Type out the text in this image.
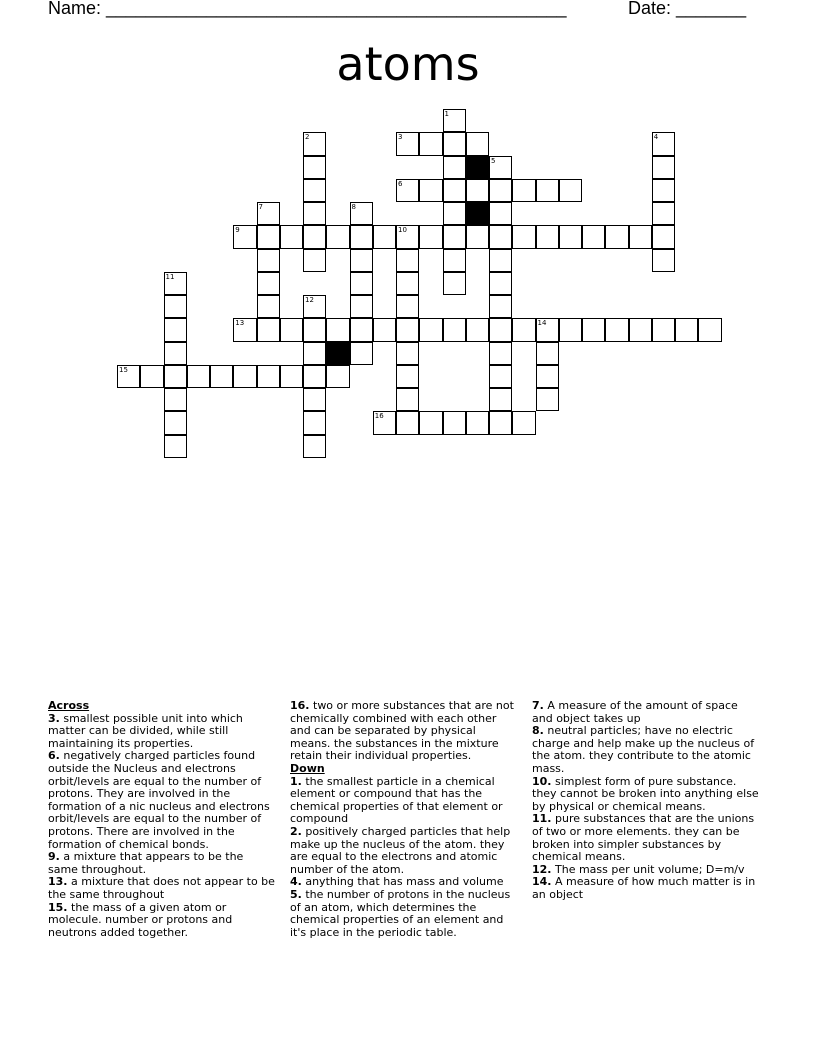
Name: ______________________________________________	Date: _______
atoms
1
2	3	4
5
6
7	8
9	10
11
12
13	14
15
16
Across
3. smallest possible unit into which matter can be divided, while still maintaining its properties.
6. negatively charged particles found outside the Nucleus and electrons orbit/levels are equal to the number of protons. They are involved in the formation of a nic nucleus and electrons orbit/levels are equal to the number of protons. There are involved in the formation of chemical bonds.
9. a mixture that appears to be the same throughout.
13. a mixture that does not appear to be the same throughout
15. the mass of a given atom or molecule. number or protons and neutrons added together.
16. two or more substances that are not chemically combined with each other and can be separated by physical means. the substances in the mixture retain their individual properties.
Down
1. the smallest particle in a chemical element or compound that has the chemical properties of that element or compound
2. positively charged particles that help make up the nucleus of the atom. they are equal to the electrons and atomic number of the atom.
4. anything that has mass and volume
5. the number of protons in the nucleus of an atom, which determines the chemical properties of an element and it's place in the periodic table.
7. A measure of the amount of space and object takes up
8. neutral particles; have no electric charge and help make up the nucleus of the atom. they contribute to the atomic mass.
10. simplest form of pure substance. they cannot be broken into anything else by physical or chemical means.
11. pure substances that are the unions of two or more elements. they can be broken into simpler substances by chemical means.
12. The mass per unit volume; D=m/v
14. A measure of how much matter is in an object
